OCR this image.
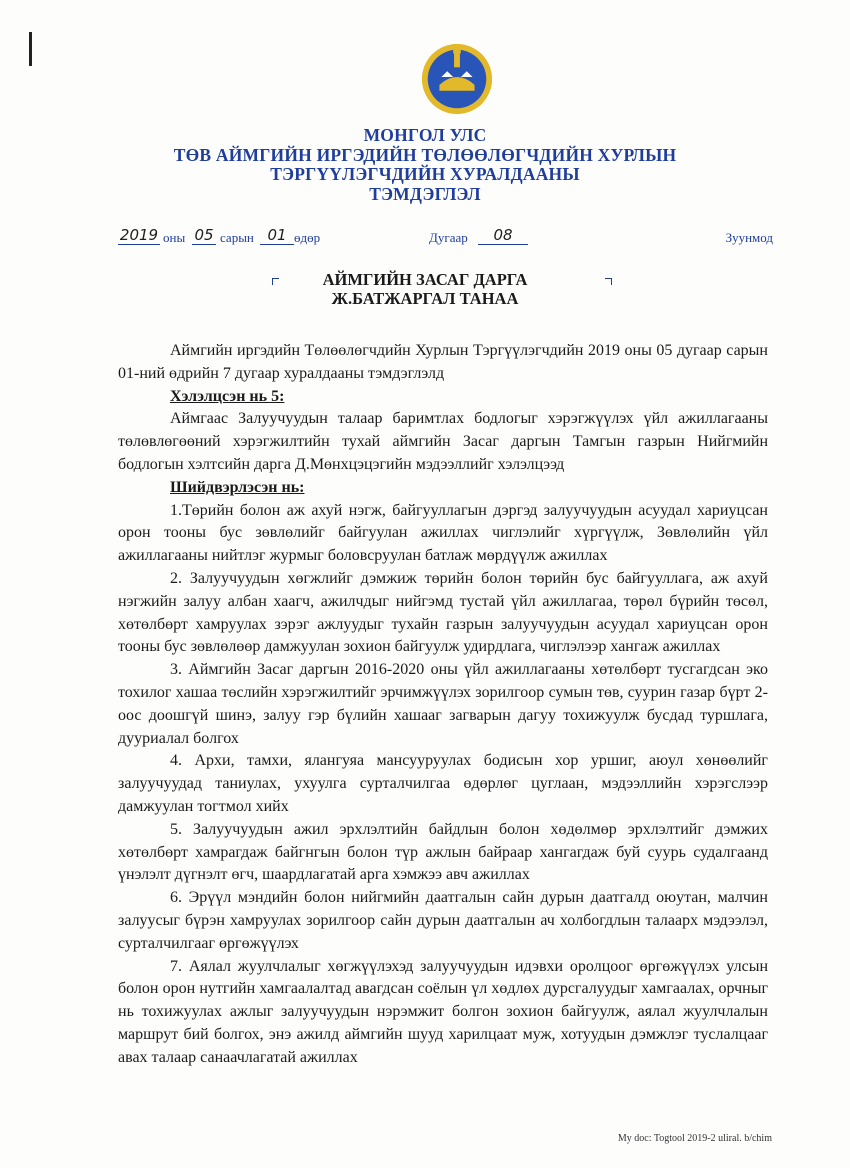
МОНГОЛ УЛС
ТӨВ АЙМГИЙН ИРГЭДИЙН ТӨЛӨӨЛӨГЧДИЙН ХУРЛЫН
ТЭРГҮҮЛЭГЧДИЙН ХУРАЛДААНЫ
ТЭМДЭГЛЭЛ
2019 оны 05 сарын 01 өдөр	Дугаар	08	Зуунмод
АЙМГИЙН ЗАСАГ ДАРГА
Ж.БАТЖАРГАЛ ТАНАА

Аймгийн иргэдийн Төлөөлөгчдийн Хурлын Тэргүүлэгчдийн 2019 оны 05 дугаар сарын 01-ний өдрийн 7 дугаар хуралдааны тэмдэглэлд

Хэлэлцсэн нь 5:

Аймгаас Залуучуудын талаар баримтлах бодлогыг хэрэгжүүлэх үйл ажиллагааны төлөвлөгөөний хэрэгжилтийн тухай аймгийн Засаг даргын Тамгын газрын Нийгмийн бодлогын хэлтсийн дарга Д.Мөнхцэцэгийн мэдээллийг хэлэлцээд

Шийдвэрлэсэн нь:

1.Төрийн болон аж ахуй нэгж, байгууллагын дэргэд залуучуудын асуудал хариуцсан орон тооны бус зөвлөлийг байгуулан ажиллах чиглэлийг хүргүүлж, Зөвлөлийн үйл ажиллагааны нийтлэг журмыг боловсруулан батлаж мөрдүүлж ажиллах

2. Залуучуудын хөгжлийг дэмжиж төрийн болон төрийн бус байгууллага, аж ахуй нэгжийн залуу албан хаагч, ажилчдыг нийгэмд тустай үйл ажиллагаа, төрөл бүрийн төсөл, хөтөлбөрт хамруулах зэрэг ажлуудыг тухайн газрын залуучуудын асуудал хариуцсан орон тооны бус зөвлөлөөр дамжуулан зохион байгуулж удирдлага, чиглэлээр хангаж ажиллах

3. Аймгийн Засаг даргын 2016-2020 оны үйл ажиллагааны хөтөлбөрт тусгагдсан эко тохилог хашаа төслийн хэрэгжилтийг эрчимжүүлэх зорилгоор сумын төв, суурин газар бүрт 2-оос доошгүй шинэ, залуу гэр бүлийн хашааг загварын дагуу тохижуулж бусдад туршлага, дууриалал болгох

4. Архи, тамхи, ялангуяа мансууруулах бодисын хор уршиг, аюул хөнөөлийг залуучуудад таниулах, ухуулга сурталчилгаа өдөрлөг цуглаан, мэдээллийн хэрэгслээр дамжуулан тогтмол хийх

5. Залуучуудын ажил эрхлэлтийн байдлын болон хөдөлмөр эрхлэлтийг дэмжих хөтөлбөрт хамрагдаж байгнгын болон түр ажлын байраар хангагдаж буй суурь судалгаанд үнэлэлт дүгнэлт өгч, шаардлагатай арга хэмжээ авч ажиллах

6. Эрүүл мэндийн болон нийгмийн даатгалын сайн дурын даатгалд оюутан, малчин залуусыг бүрэн хамруулах зорилгоор сайн дурын даатгалын ач холбогдлын талаарх мэдээлэл, сурталчилгааг өргөжүүлэх

7. Аялал жуулчлалыг хөгжүүлэхэд залуучуудын идэвхи оролцоог өргөжүүлэх улсын болон орон нутгийн хамгаалалтад авагдсан соёлын үл хөдлөх дурсгалуудыг хамгаалах, орчныг нь тохижуулах ажлыг залуучуудын нэрэмжит болгон зохион байгуулж, аялал жуулчлалын маршрут бий болгох, энэ ажилд аймгийн шууд харилцаат муж, хотуудын дэмжлэг туслалцааг авах талаар санаачлагатай ажиллах

My doc: Togtool 2019-2 uliral. b/chim
